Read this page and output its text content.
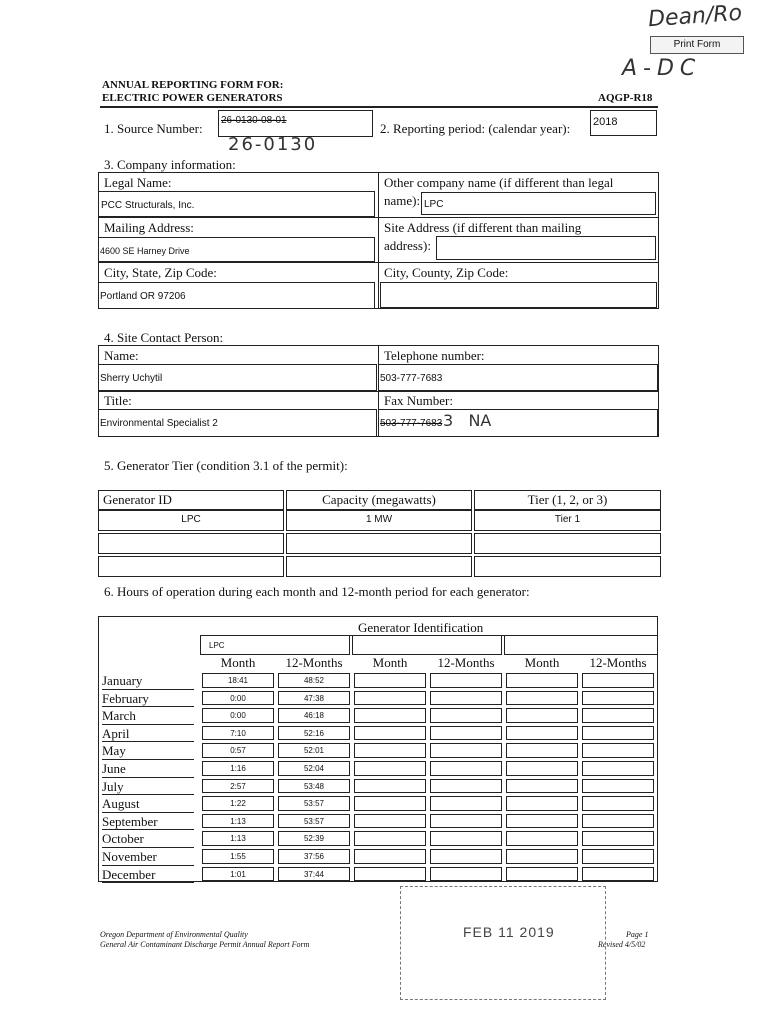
Dean/Ro
Print Form
A-DC
ANNUAL REPORTING FORM FOR:
ELECTRIC POWER GENERATORS	AQGP-R18
1. Source Number:
26-0130-08-01
26-0130
2. Reporting period: (calendar year): 2018
3. Company information:
Legal Name:
PCC Structurals, Inc.
Other company name (if different than legal
name): LPC
Mailing Address:
4600 SE Harney Drive
Site Address (if different than mailing
address):
City, State, Zip Code:
Portland OR 97206
City, County, Zip Code:
4. Site Contact Person:
Name:
Sherry Uchytil
Telephone number:
503-777-7683
Title:
Environmental Specialist 2
Fax Number:
503-777-7683 3   NA
5. Generator Tier (condition 3.1 of the permit):
Generator ID	Capacity (megawatts)	Tier (1, 2, or 3)
LPC	1 MW	Tier 1
6. Hours of operation during each month and 12-month period for each generator:
Generator Identification
LPC
Month	12-Months	Month	12-Months	Month	12-Months
January	18:41	48:52
February	0:00	47:38
March	0:00	46:18
April	7:10	52:16
May	0:57	52:01
June	1:16	52:04
July	2:57	53:48
August	1:22	53:57
September	1:13	53:57
October	1:13	52:39
November	1:55	37:56
December	1:01	37:44
Oregon Department of Environmental Quality
General Air Contaminant Discharge Permit Annual Report Form
Page 1
Revised 4/5/02
FEB 11 2019
